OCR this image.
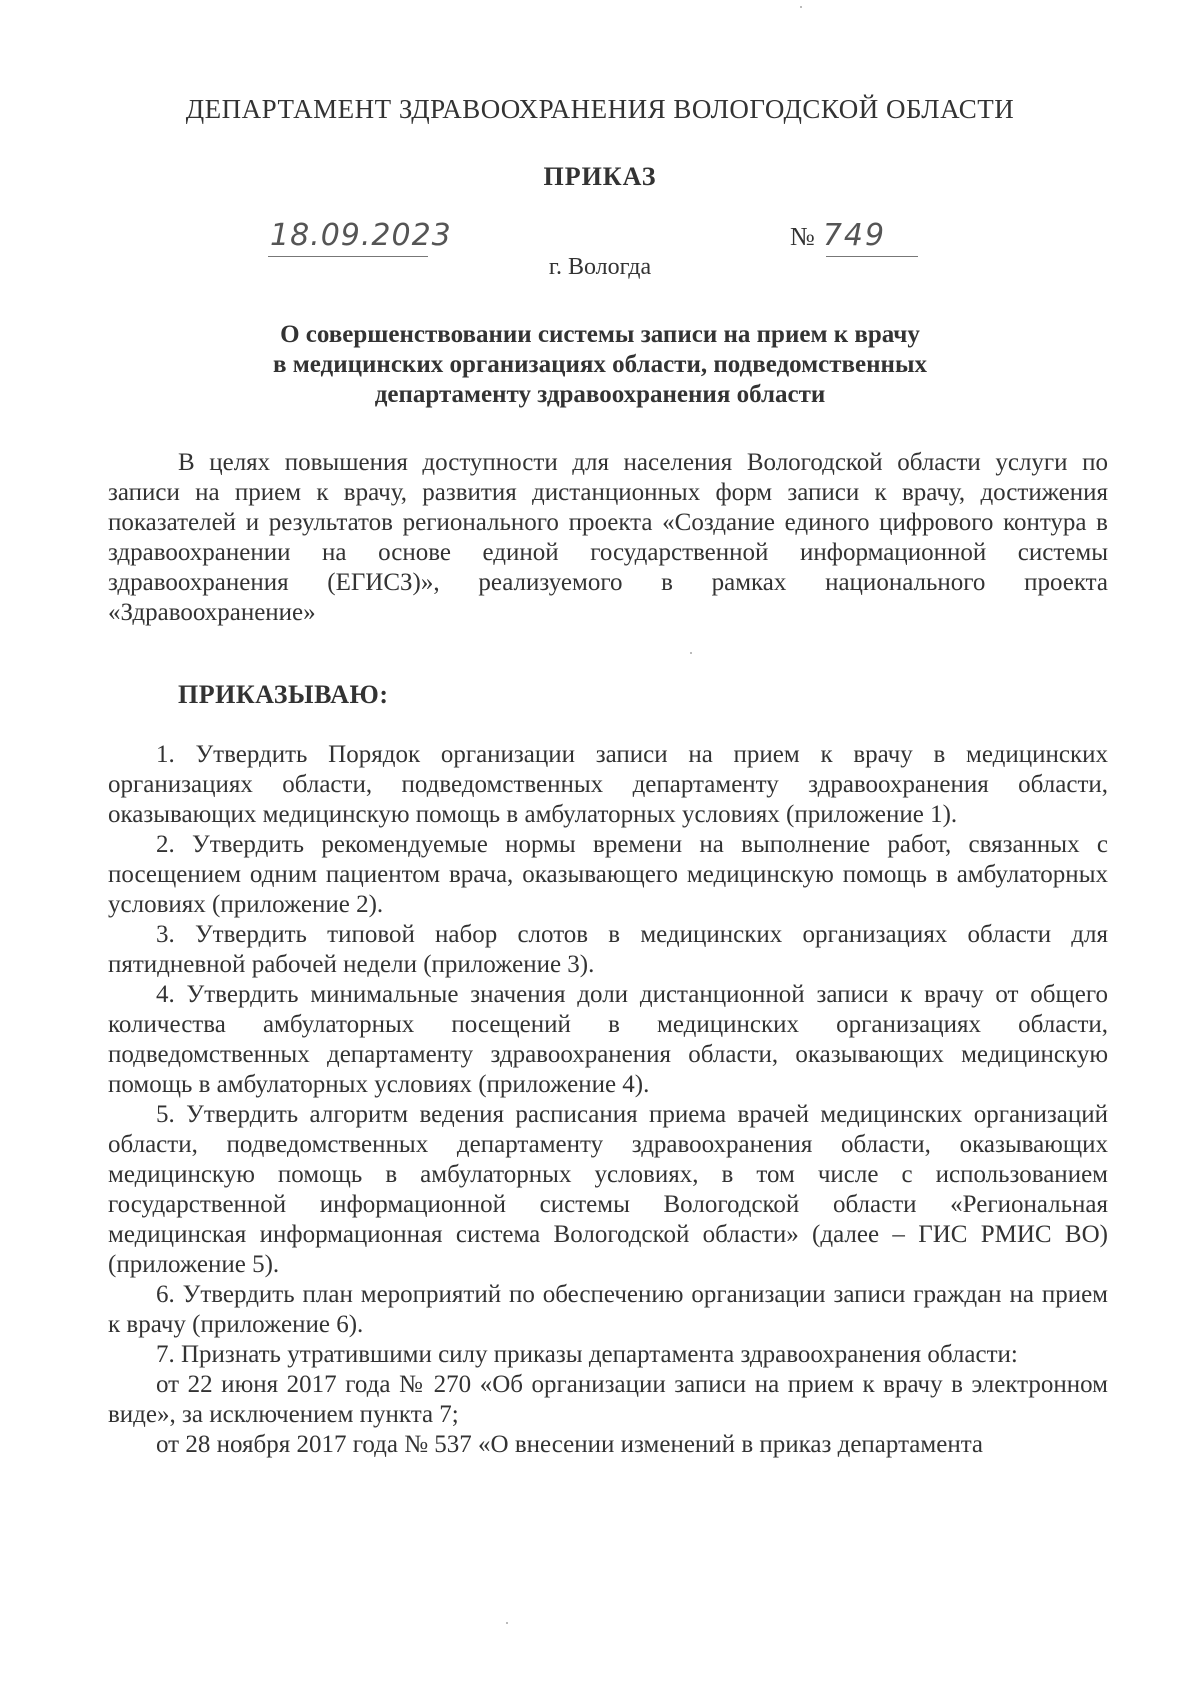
ДЕПАРТАМЕНТ ЗДРАВООХРАНЕНИЯ ВОЛОГОДСКОЙ ОБЛАСТИ
ПРИКАЗ
18.09.2023	№ 749
г. Вологда
О совершенствовании системы записи на прием к врачу
в медицинских организациях области, подведомственных
департаменту здравоохранения области
В целях повышения доступности для населения Вологодской области услуги по записи на прием к врачу, развития дистанционных форм записи к врачу, достижения показателей и результатов регионального проекта «Создание единого цифрового контура в здравоохранении на основе единой государственной информационной системы здравоохранения (ЕГИСЗ)», реализуемого в рамках национального проекта «Здравоохранение»
ПРИКАЗЫВАЮ:

1. Утвердить Порядок организации записи на прием к врачу в медицинских организациях области, подведомственных департаменту здравоохранения области, оказывающих медицинскую помощь в амбулаторных условиях (приложение 1).

2. Утвердить рекомендуемые нормы времени на выполнение работ, связанных с посещением одним пациентом врача, оказывающего медицинскую помощь в амбулаторных условиях (приложение 2).

3. Утвердить типовой набор слотов в медицинских организациях области для пятидневной рабочей недели (приложение 3).

4. Утвердить минимальные значения доли дистанционной записи к врачу от общего количества амбулаторных посещений в медицинских организациях области, подведомственных департаменту здравоохранения области, оказывающих медицинскую помощь в амбулаторных условиях (приложение 4).

5. Утвердить алгоритм ведения расписания приема врачей медицинских организаций области, подведомственных департаменту здравоохранения области, оказывающих медицинскую помощь в амбулаторных условиях, в том числе с использованием государственной информационной системы Вологодской области «Региональная медицинская информационная система Вологодской области» (далее – ГИС РМИС ВО) (приложение 5).

6. Утвердить план мероприятий по обеспечению организации записи граждан на прием к врачу (приложение 6).

7. Признать утратившими силу приказы департамента здравоохранения области:

от 22 июня 2017 года № 270 «Об организации записи на прием к врачу в электронном виде», за исключением пункта 7;

от 28 ноября 2017 года № 537 «О внесении изменений в приказ департамента
